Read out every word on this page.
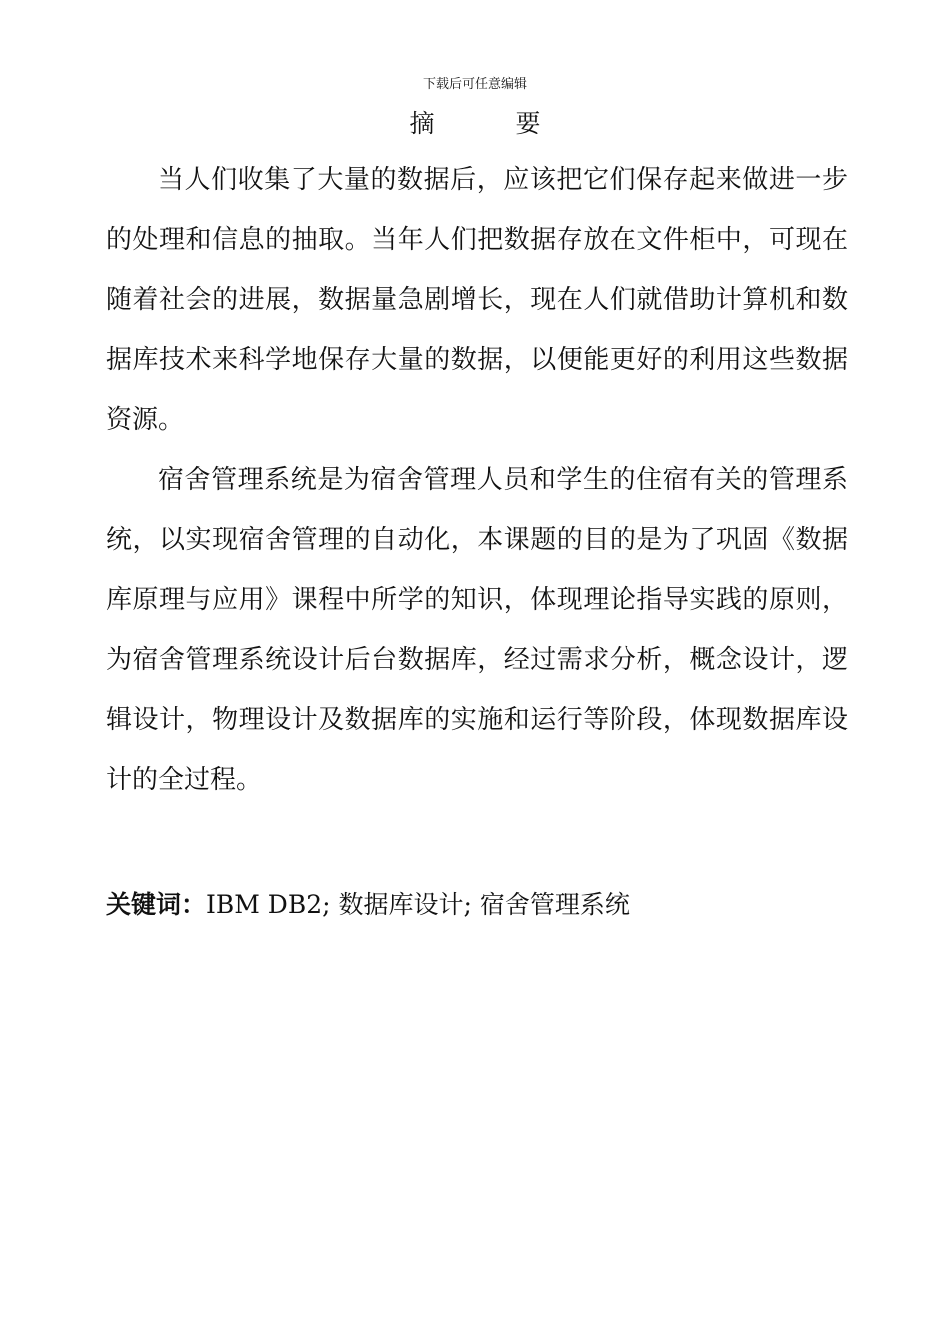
下载后可任意编辑
摘　要

当人们收集了大量的数据后，应该把它们保存起来做进一步的处理和信息的抽取。当年人们把数据存放在文件柜中，可现在随着社会的进展，数据量急剧增长，现在人们就借助计算机和数据库技术来科学地保存大量的数据，以便能更好的利用这些数据资源。

宿舍管理系统是为宿舍管理人员和学生的住宿有关的管理系统，以实现宿舍管理的自动化，本课题的目的是为了巩固《数据库原理与应用》课程中所学的知识，体现理论指导实践的原则，为宿舍管理系统设计后台数据库，经过需求分析，概念设计，逻辑设计，物理设计及数据库的实施和运行等阶段，体现数据库设计的全过程。

关键词：IBM DB2; 数据库设计; 宿舍管理系统
